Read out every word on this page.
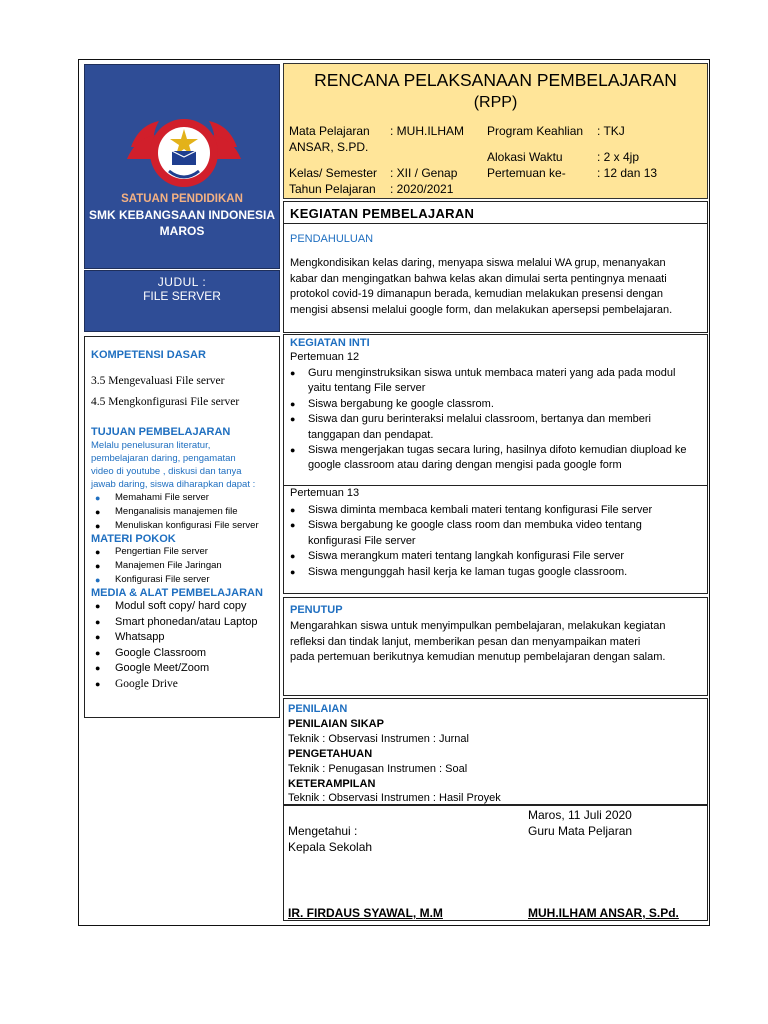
SATUAN PENDIDIKAN
SMK KEBANGSAAN INDONESIA
MAROS
JUDUL :
FILE SERVER
KOMPETENSI DASAR
3.5 Mengevaluasi File server
4.5 Mengkonfigurasi File server
TUJUAN PEMBELAJARAN
Melalu penelusuran literatur,
pembelajaran daring, pengamatan
video di youtube , diskusi dan tanya
jawab daring, siswa diharapkan dapat :
● Memahami File server
● Menganalisis manajemen file
● Menuliskan konfigurasi File server
MATERI POKOK
● Pengertian File server
● Manajemen File Jaringan
● Konfigurasi File server
MEDIA & ALAT PEMBELAJARAN
● Modul soft copy/ hard copy
● Smart phonedan/atau Laptop
● Whatsapp
● Google Classroom
● Google Meet/Zoom
● Google Drive
RENCANA PELAKSANAAN PEMBELAJARAN
(RPP)
Mata Pelajaran : MUH.ILHAM
ANSAR, S.PD.
Kelas/ Semester : XII / Genap
Tahun Pelajaran : 2020/2021
Program Keahlian : TKJ
Alokasi Waktu	: 2 x 4jp
Pertemuan ke-	: 12 dan 13
KEGIATAN PEMBELAJARAN
PENDAHULUAN
Mengkondisikan kelas daring, menyapa siswa melalui WA grup, menanyakan
kabar dan mengingatkan bahwa kelas akan dimulai serta pentingnya menaati
protokol covid-19 dimanapun berada, kemudian melakukan presensi dengan
mengisi absensi melalui google form, dan melakukan apersepsi pembelajaran.
KEGIATAN INTI
Pertemuan 12
● Guru menginstruksikan siswa untuk membaca materi yang ada pada modul yaitu tentang File server
● Siswa bergabung ke google classrom.
● Siswa dan guru berinteraksi melalui classroom, bertanya dan memberi tanggapan dan pendapat.
● Siswa mengerjakan tugas secara luring, hasilnya difoto kemudian diupload ke google classroom atau daring dengan mengisi pada google form
Pertemuan 13
● Siswa diminta membaca kembali materi tentang konfigurasi File server
● Siswa bergabung ke google class room dan membuka video tentang konfigurasi File server
● Siswa merangkum materi tentang langkah konfigurasi File server
● Siswa mengunggah hasil kerja ke laman tugas google classroom.
PENUTUP
Mengarahkan siswa untuk menyimpulkan pembelajaran, melakukan kegiatan
refleksi dan tindak lanjut, memberikan pesan dan menyampaikan materi
pada pertemuan berikutnya kemudian menutup pembelajaran dengan salam.
PENILAIAN
PENILAIAN SIKAP
Teknik : Observasi Instrumen : Jurnal
PENGETAHUAN
Teknik : Penugasan Instrumen : Soal
KETERAMPILAN
Teknik : Observasi Instrumen : Hasil Proyek
Maros, 11 Juli 2020
Guru Mata Peljaran
Mengetahui :
Kepala Sekolah
IR. FIRDAUS SYAWAL, M.M	MUH.ILHAM ANSAR, S.Pd.
